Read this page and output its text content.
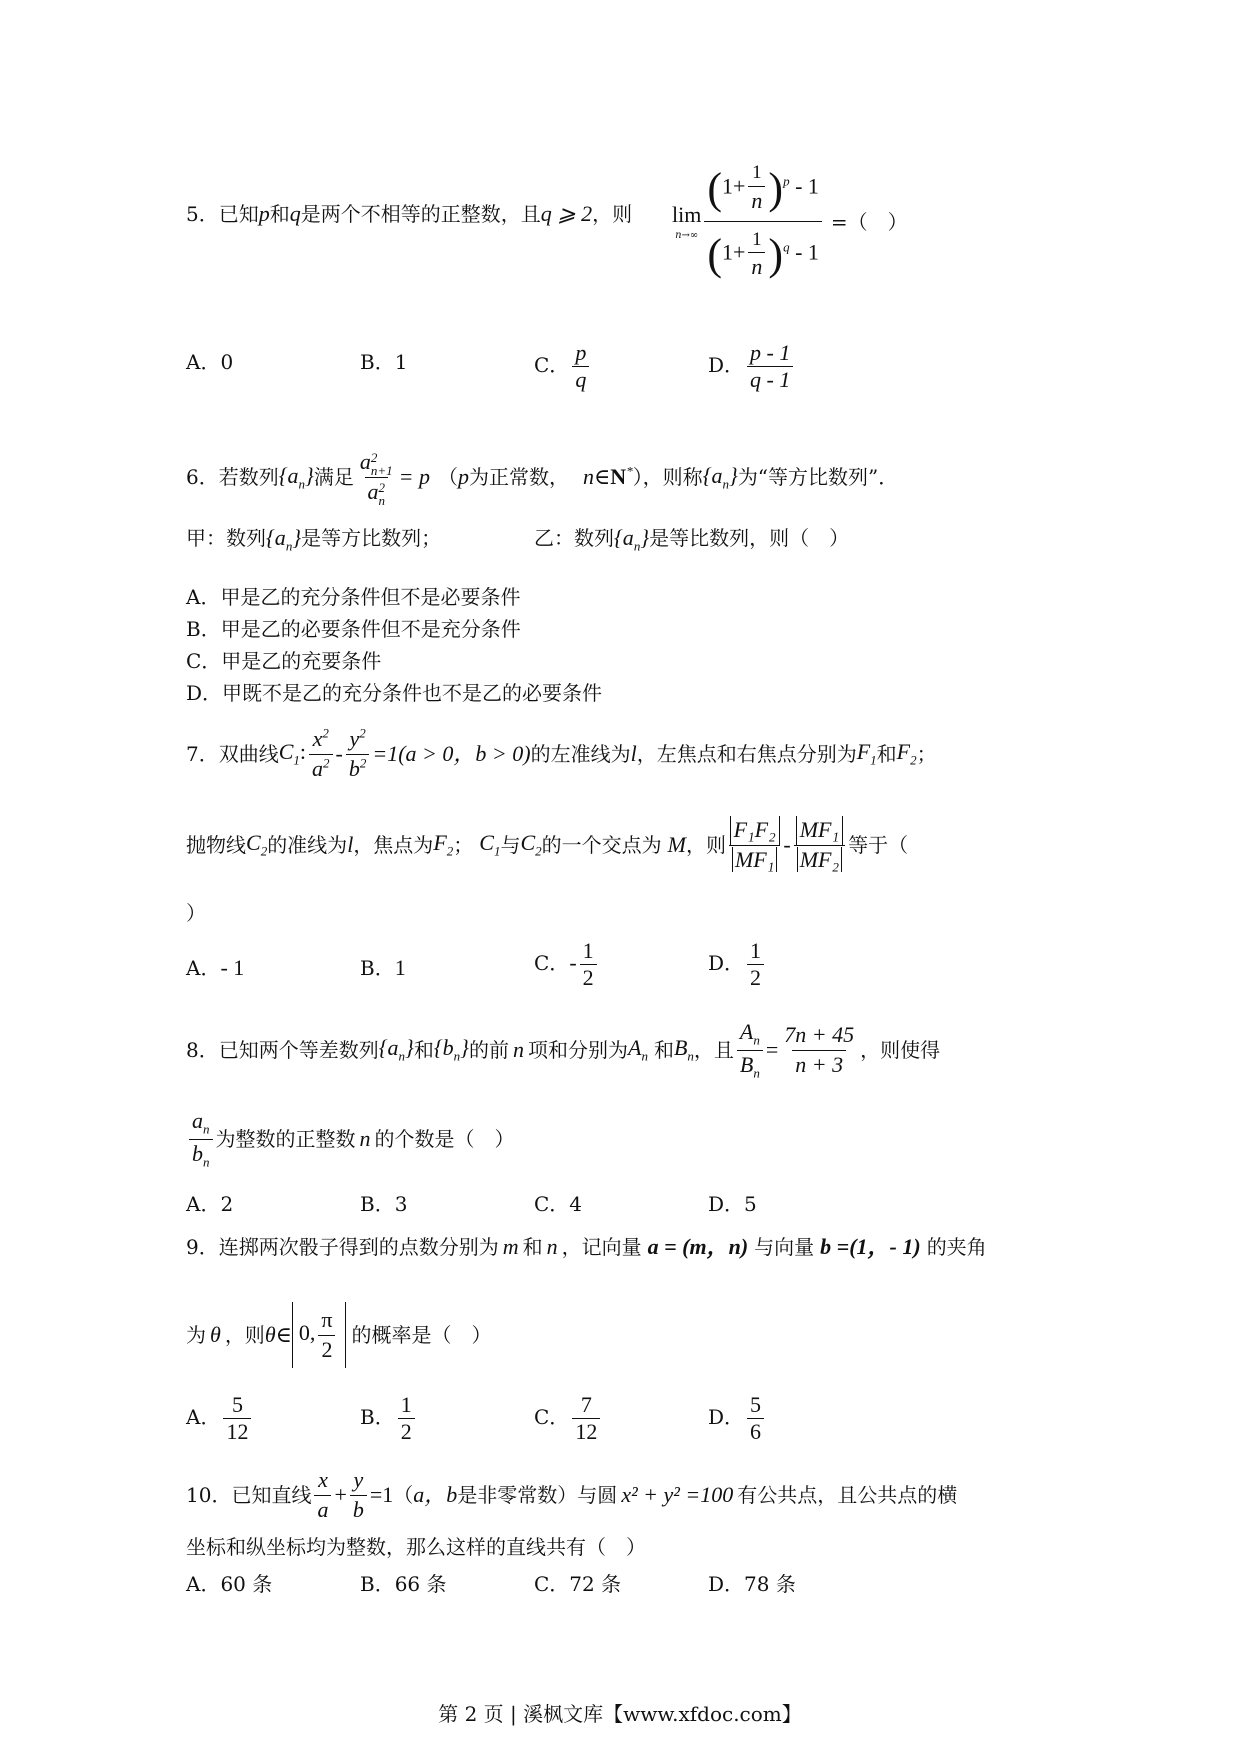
5．已知p和q是两个不相等的正整数，且q ⩾ 2，则 lim
$n\to\infty \frac{(1+ \frac{1}{n} )^p - 1}{(1+ \frac{1}{n} )^q - 1}$ =（　）
A．0	B．1	C． $\frac{p}{q}$	D． $\frac{p - 1}{q - 1}$
6．若数列 $\{a_n\}$ 满足 a 2
n+1
a 2
n = p （ p 为正常数， n∈N* ），则称 $\{a_n\}$ 为“等方比数列”．
甲：数列$\{a_n\}$是等方比数列；	乙：数列$\{a_n\}$是等比数列，则（　）
A．甲是乙的充分条件但不是必要条件
B．甲是乙的必要条件但不是充分条件
C．甲是乙的充要条件
D．甲既不是乙的充分条件也不是乙的必要条件
7．双曲线 $C_1$: $\frac{x^2}{a^2} - \frac{y^2}{b^2} =1(a > 0$，b > 0) 的左准线为 l ，左焦点和右焦点分别为 $F_1$ 和 $F_2$ ；
抛物线 $C_2$ 的准线为 l ，焦点为 $F_2$ ； $C_1$ 与 $C_2$ 的一个交点为 M ，则 $\frac{\text{F₁F₂}}{\text{MF₁}} - \frac{\text{MF₁}}{\text{MF₂}}$ 等于（
）
A．- 1	B．1	C．- $\frac{1}{2}$	D． $\frac{1}{2}$
8．已知两个等差数列 $\{a_n\}$ 和 $\{b_n\}$ 的前 n 项和分别为 $A_n$ 和 $B_n$ ，且 $\frac{A_n}{B_n} = \frac{7n + 45}{n + 3}$ ，则使得
$\frac{a_n}{b_n}$ 为整数的正整数 n 的个数是（　）
A．2	B．3	C．4	D．5
9．连掷两次骰子得到的点数分别为 m 和 n ，记向量 a = (m，n) 与向量 b =(1，- 1) 的夹角
为 θ ，则 θ∈ 0, $\frac{\pi}{2}$ 的概率是（　）
A． $\frac{5}{12}$	B． $\frac{1}{2}$	C． $\frac{7}{12}$	D． $\frac{5}{6}$
10．已知直线 $\frac{x}{a} + \frac{y}{b} =1$ （ a，b 是非零常数）与圆 x² + y² =100 有公共点，且公共点的横
坐标和纵坐标均为整数，那么这样的直线共有（　）
A．60 条	B．66 条	C．72 条	D．78 条
第 2 页 | 溪枫文库【www.xfdoc.com】
